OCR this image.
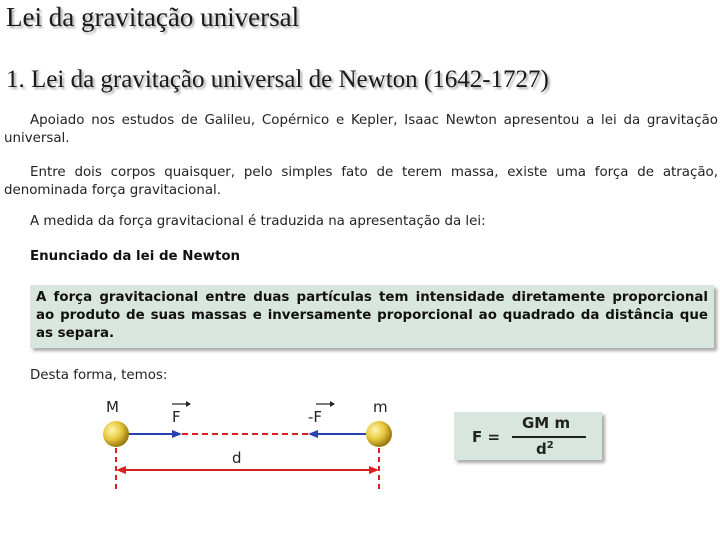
Lei da gravitação universal
1. Lei da gravitação universal de Newton (1642-1727)
Apoiado nos estudos de Galileu, Copérnico e Kepler, Isaac Newton apresentou a lei da gravitação universal.
Entre dois corpos quaisquer, pelo simples fato de terem massa, existe uma força de atração, denominada força gravitacional.
A medida da força gravitacional é traduzida na apresentação da lei:
Enunciado da lei de Newton
A força gravitacional entre duas partículas tem intensidade diretamente proporcional ao produto de suas massas e inversamente proporcional ao quadrado da distância que as separa.
Desta forma, temos:
M	m
F	-F
d
F =
GM m
$d^2$
